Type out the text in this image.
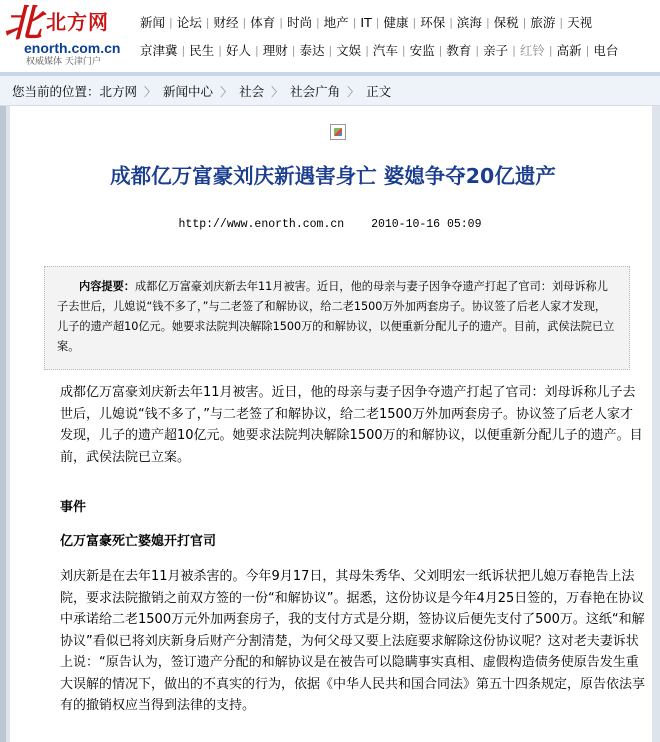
北 北方网
enorth.com.cn
权威媒体 天津门户
新闻 | 论坛 | 财经 | 体育 | 时尚 | 地产 | IT | 健康 | 环保 | 滨海 | 保税 | 旅游 | 天视
京津冀 | 民生 | 好人 | 理财 | 泰达 | 文娱 | 汽车 | 安监 | 教育 | 亲子 | 红铃 | 高新 | 电台
您当前的位置： 北方网 〉 新闻中心 〉 社会 〉 社会广角 〉 正文
成都亿万富豪刘庆新遇害身亡 婆媳争夺20亿遗产
http://www.enorth.com.cn 2010-10-16 05:09
内容提要：成都亿万富豪刘庆新去年11月被害。近日，他的母亲与妻子因争夺遗产打起了官司：刘母诉称儿子去世后，儿媳说“钱不多了，”与二老签了和解协议，给二老1500万外加两套房子。协议签了后老人家才发现，儿子的遗产超10亿元。她要求法院判决解除1500万的和解协议，以便重新分配儿子的遗产。目前，武侯法院已立案。

成都亿万富豪刘庆新去年11月被害。近日，他的母亲与妻子因争夺遗产打起了官司：刘母诉称儿子去世后，儿媳说“钱不多了，”与二老签了和解协议，给二老1500万外加两套房子。协议签了后老人家才发现，儿子的遗产超10亿元。她要求法院判决解除1500万的和解协议，以便重新分配儿子的遗产。目前，武侯法院已立案。

事件
亿万富豪死亡婆媳开打官司

刘庆新是在去年11月被杀害的。今年9月17日，其母朱秀华、父刘明宏一纸诉状把儿媳万春艳告上法院，要求法院撤销之前双方签的一份“和解协议”。据悉，这份协议是今年4月25日签的，万春艳在协议中承诺给二老1500万元外加两套房子，我的支付方式是分期，签协议后便先支付了500万。这纸“和解协议”看似已将刘庆新身后财产分割清楚，为何父母又要上法庭要求解除这份协议呢？这对老夫妻诉状上说：“原告认为，签订遗产分配的和解协议是在被告可以隐瞒事实真相、虚假构造债务使原告发生重大误解的情况下，做出的不真实的行为，依据《中华人民共和国合同法》第五十四条规定，原告依法享有的撤销权应当得到法律的支持。
